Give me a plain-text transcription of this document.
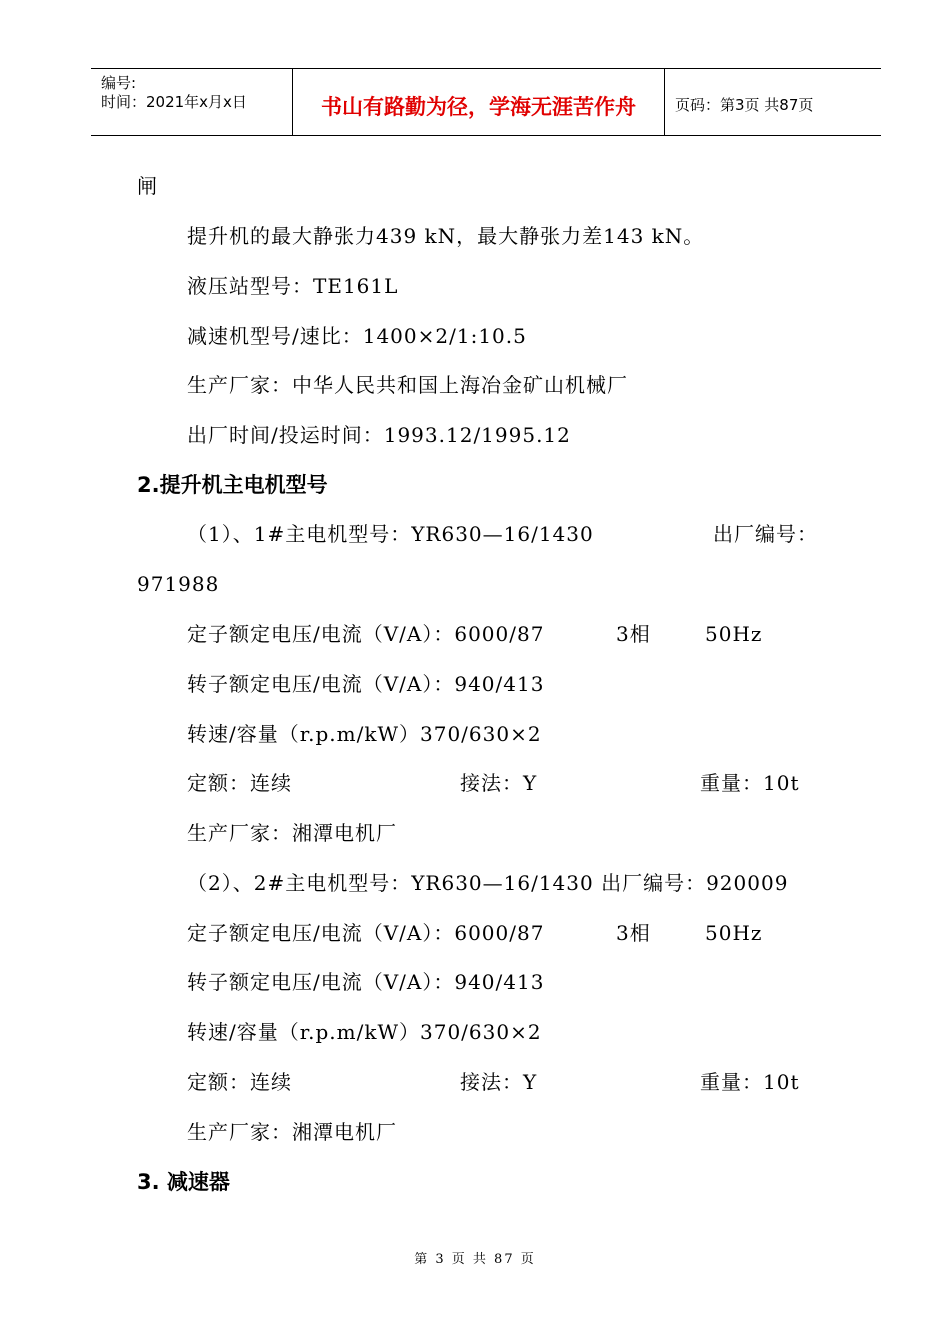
编号:
时间：2021年x月x日	书山有路勤为径，学海无涯苦作舟	页码：第3页 共87页
闸
提升机的最大静张力439 kN，最大静张力差143 kN。
液压站型号：TE161L
减速机型号/速比：1400×2/1:10.5
生产厂家：中华人民共和国上海冶金矿山机械厂
出厂时间/投运时间：1993.12/1995.12
2.提升机主电机型号
（1）、1#主电机型号：YR630—16/1430	出厂编号：
971988
定子额定电压/电流（V/A）：6000/87	3相	50Hz
转子额定电压/电流（V/A）：940/413
转速/容量（r.p.m/kW）370/630×2
定额：连续	接法：Y	重量：10t
生产厂家：湘潭电机厂
（2）、2#主电机型号：YR630—16/1430 出厂编号：920009
定子额定电压/电流（V/A）：6000/87	3相	50Hz
转子额定电压/电流（V/A）：940/413
转速/容量（r.p.m/kW）370/630×2
定额：连续	接法：Y	重量：10t
生产厂家：湘潭电机厂
3. 减速器
第 3 页 共 87 页
